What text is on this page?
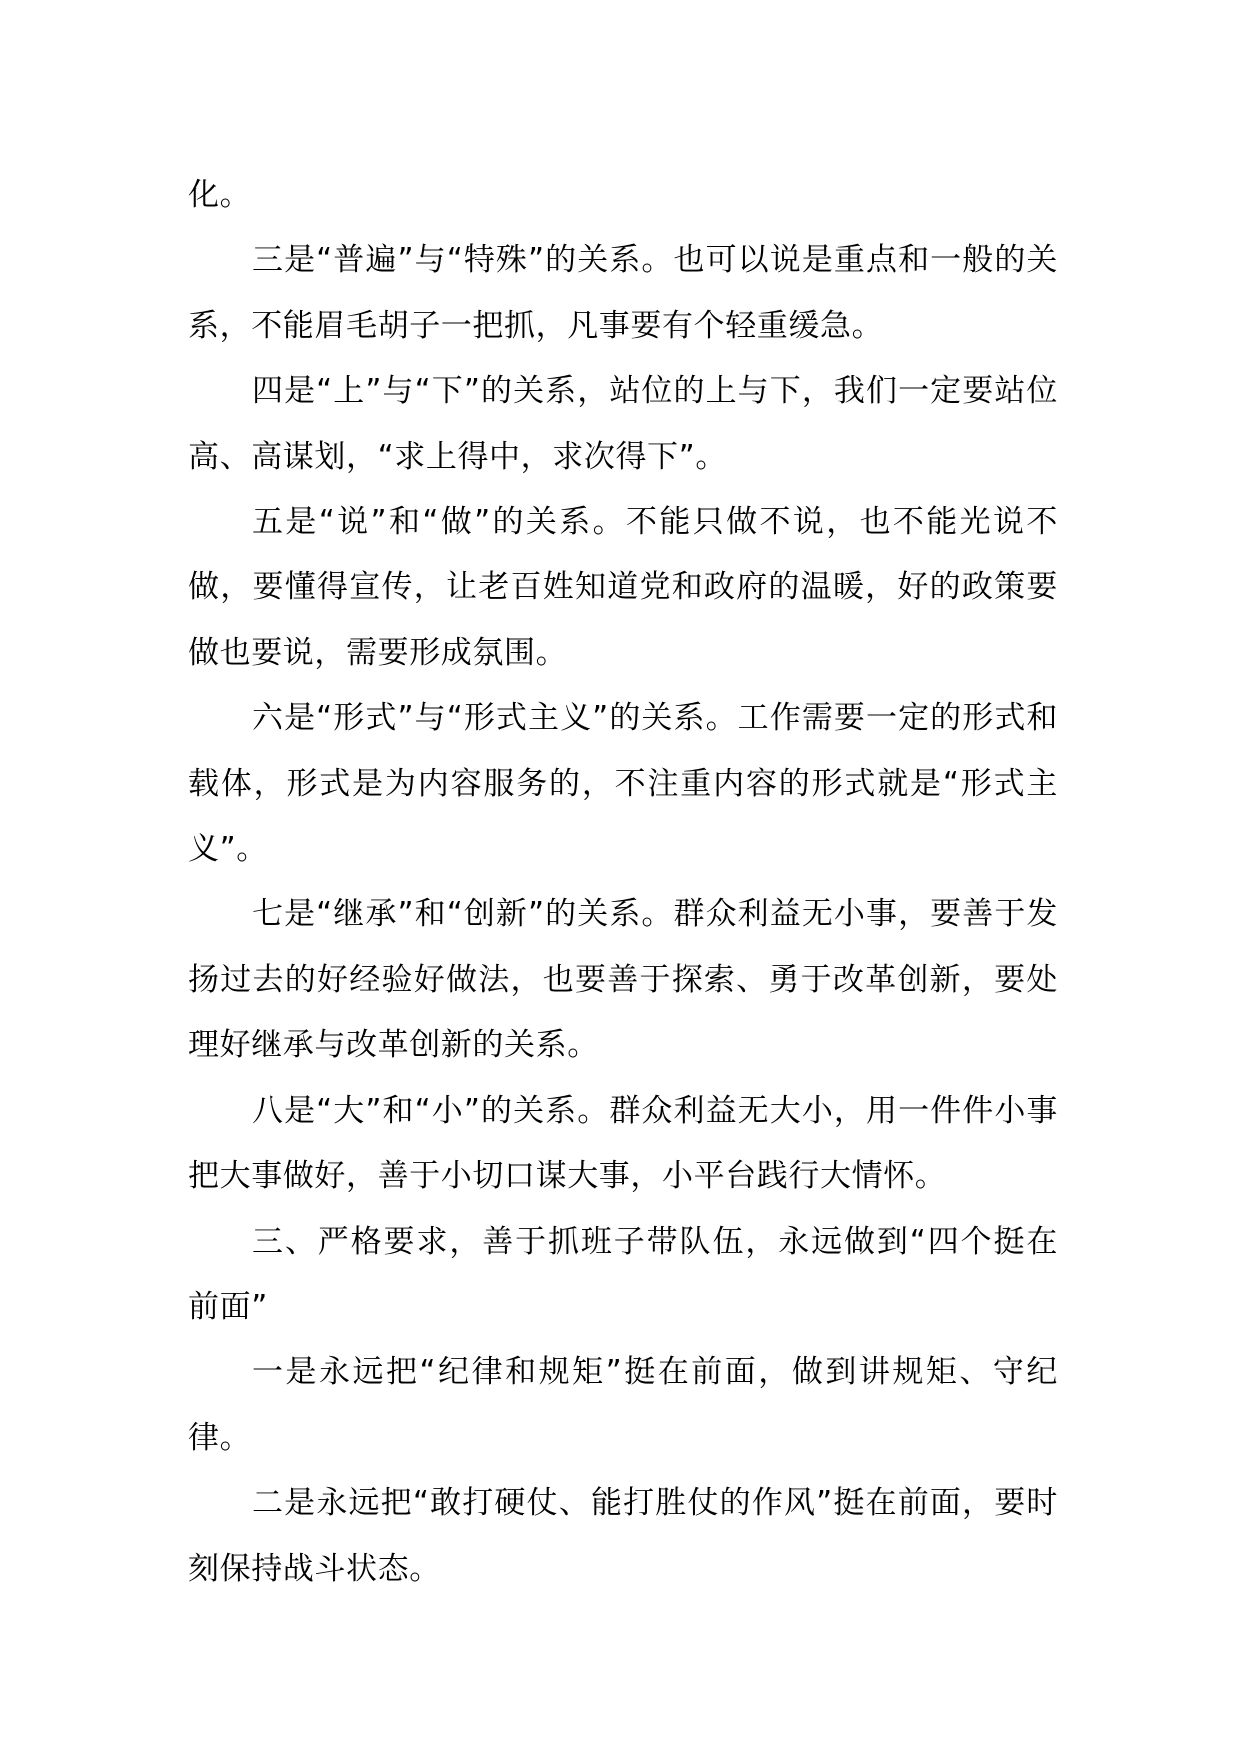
化。

三是“普遍”与“特殊”的关系。也可以说是重点和一般的关系，不能眉毛胡子一把抓，凡事要有个轻重缓急。

四是“上”与“下”的关系，站位的上与下，我们一定要站位高、高谋划，“求上得中，求次得下”。

五是“说”和“做”的关系。不能只做不说，也不能光说不做，要懂得宣传，让老百姓知道党和政府的温暖，好的政策要做也要说，需要形成氛围。

六是“形式”与“形式主义”的关系。工作需要一定的形式和载体，形式是为内容服务的，不注重内容的形式就是“形式主义”。

七是“继承”和“创新”的关系。群众利益无小事，要善于发扬过去的好经验好做法，也要善于探索、勇于改革创新，要处理好继承与改革创新的关系。

八是“大”和“小”的关系。群众利益无大小，用一件件小事把大事做好，善于小切口谋大事，小平台践行大情怀。

三、严格要求，善于抓班子带队伍，永远做到“四个挺在前面”

一是永远把“纪律和规矩”挺在前面，做到讲规矩、守纪律。

二是永远把“敢打硬仗、能打胜仗的作风”挺在前面，要时刻保持战斗状态。
